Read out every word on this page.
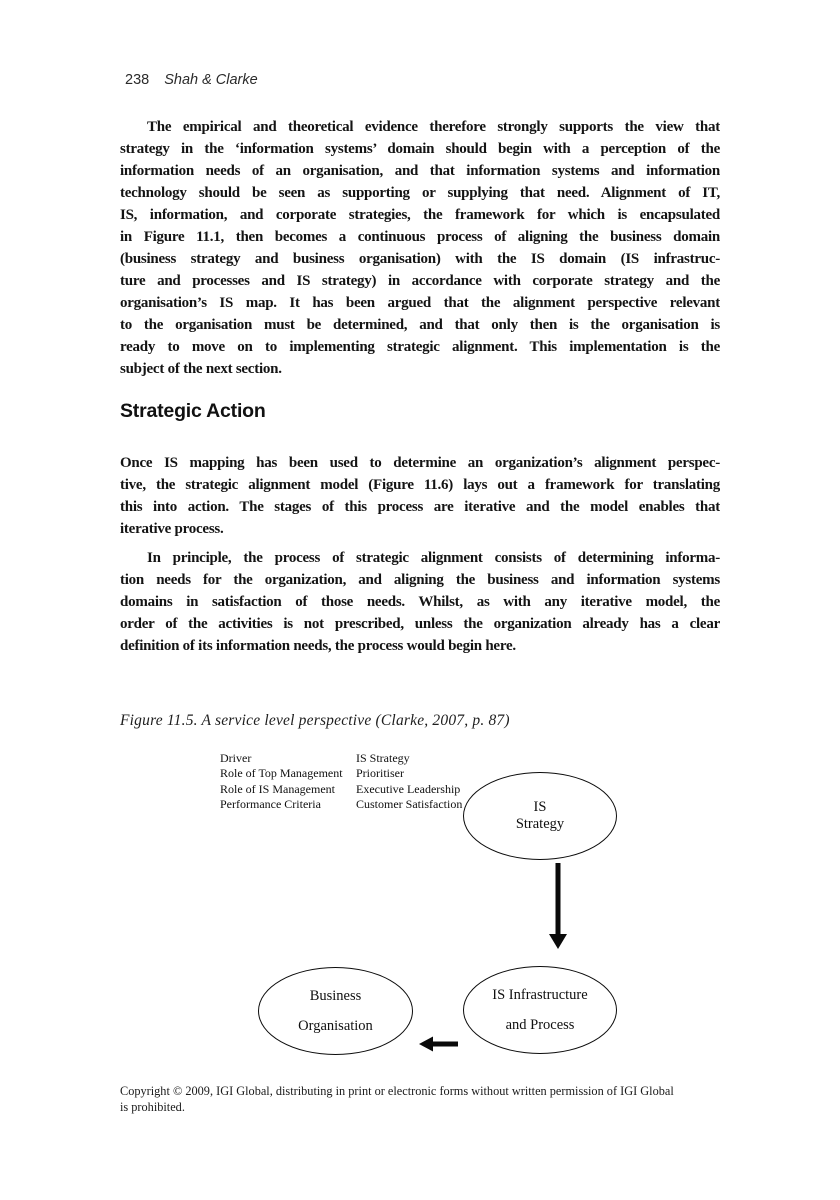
238 Shah & Clarke
The empirical and theoretical evidence therefore strongly supports the view that
strategy in the ‘information systems’ domain should begin with a perception of the
information needs of an organisation, and that information systems and information
technology should be seen as supporting or supplying that need. Alignment of IT,
IS, information, and corporate strategies, the framework for which is encapsulated
in Figure 11.1, then becomes a continuous process of aligning the business domain
(business strategy and business organisation) with the IS domain (IS infrastruc-
ture and processes and IS strategy) in accordance with corporate strategy and the
organisation’s IS map. It has been argued that the alignment perspective relevant
to the organisation must be determined, and that only then is the organisation is
ready to move on to implementing strategic alignment. This implementation is the
subject of the next section.
Strategic Action
Once IS mapping has been used to determine an organization’s alignment perspec-
tive, the strategic alignment model (Figure 11.6) lays out a framework for translating
this into action. The stages of this process are iterative and the model enables that
iterative process.
In principle, the process of strategic alignment consists of determining informa-
tion needs for the organization, and aligning the business and information systems
domains in satisfaction of those needs. Whilst, as with any iterative model, the
order of the activities is not prescribed, unless the organization already has a clear
definition of its information needs, the process would begin here.
Figure 11.5. A service level perspective (Clarke, 2007, p. 87)
Driver
Role of Top Management
Role of IS Management
Performance Criteria
IS Strategy
Prioritiser
Executive Leadership
Customer Satisfaction	IS
Strategy
Business
Organisation
IS Infrastructure
and Process
Copyright © 2009, IGI Global, distributing in print or electronic forms without written permission of IGI Global
is prohibited.
